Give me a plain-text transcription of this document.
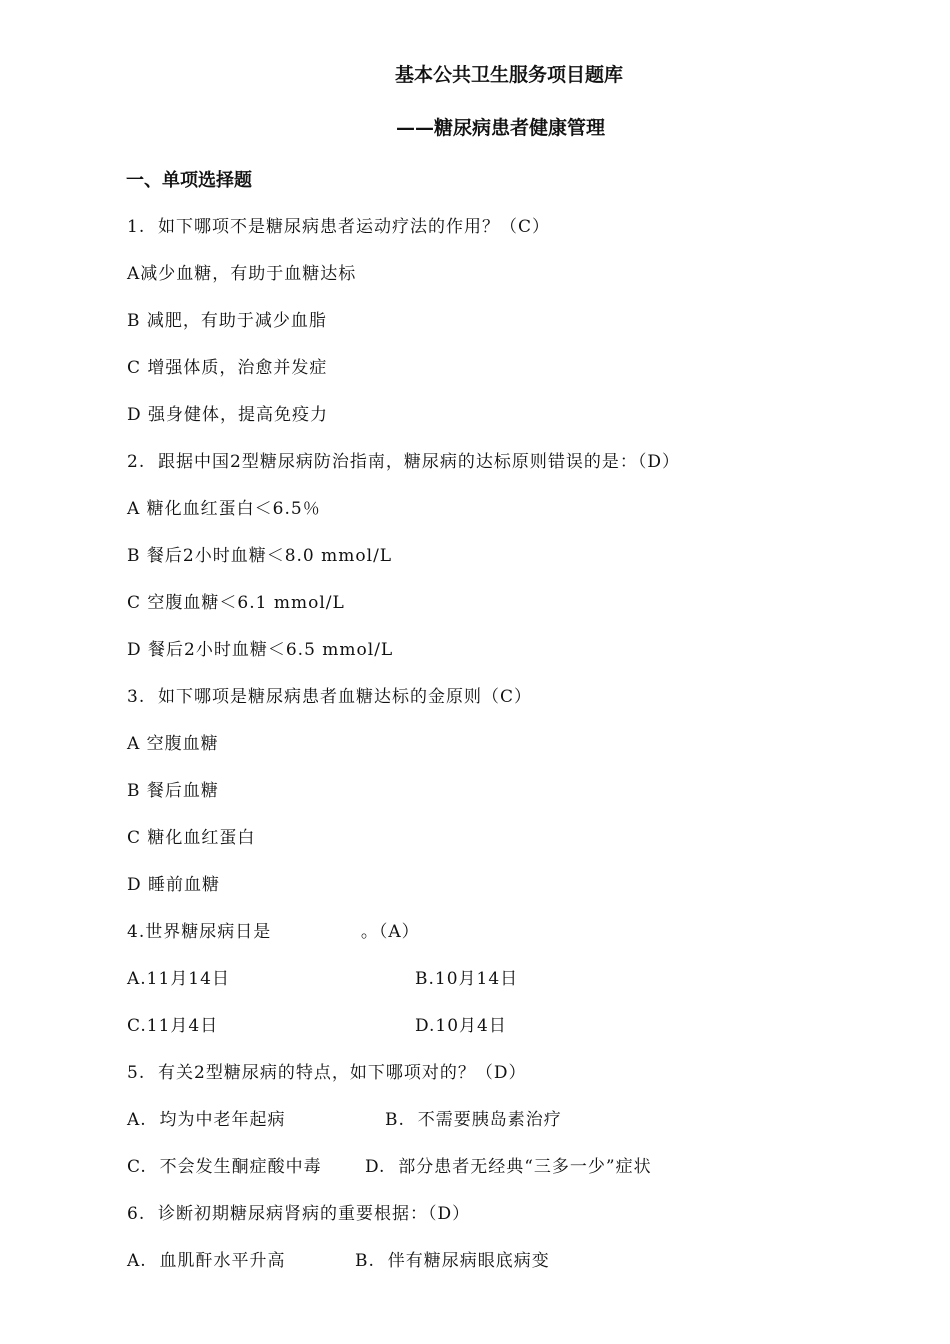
基本公共卫生服务项目题库
——糖尿病患者健康管理
一、单项选择题
1.  如下哪项不是糖尿病患者运动疗法的作用？（C）
A减少血糖，有助于血糖达标
B 减肥，有助于减少血脂
C 增强体质，治愈并发症
D 强身健体，提高免疫力
2.  跟据中国2型糖尿病防治指南，糖尿病的达标原则错误的是：（D）
A 糖化血红蛋白＜6.5％
B 餐后2小时血糖＜8.0 mmol/L
C 空腹血糖＜6.1 mmol/L
D 餐后2小时血糖＜6.5 mmol/L
3.  如下哪项是糖尿病患者血糖达标的金原则（C）
A 空腹血糖
B 餐后血糖
C 糖化血红蛋白
D 睡前血糖
4.世界糖尿病日是              。（A）
A.11月14日	B.10月14日
C.11月4日	D.10月4日
5.  有关2型糖尿病的特点，如下哪项对的？（D）
A.  均为中老年起病	B.  不需要胰岛素治疗
C.  不会发生酮症酸中毒	D.  部分患者无经典“三多一少”症状
6.  诊断初期糖尿病肾病的重要根据：（D）
A.  血肌酐水平升高	B.  伴有糖尿病眼底病变
